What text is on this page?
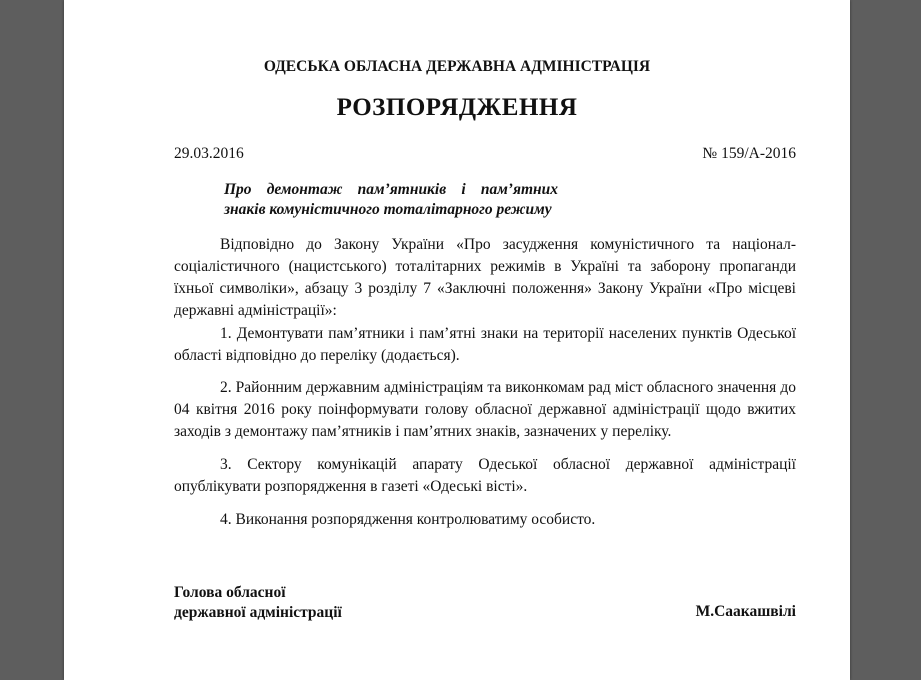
ОДЕСЬКА ОБЛАСНА ДЕРЖАВНА АДМІНІСТРАЦІЯ
РОЗПОРЯДЖЕННЯ
29.03.2016	№ 159/А-2016
Про демонтаж пам’ятників і пам’ятних
знаків комуністичного тоталітарного режиму
Відповідно до Закону України «Про засудження комуністичного та націонал-соціалістичного (нацистського) тоталітарних режимів в Україні та заборону пропаганди їхньої символіки», абзацу 3 розділу 7 «Заключні положення» Закону України «Про місцеві державні адміністрації»:
1. Демонтувати пам’ятники і пам’ятні знаки на території населених пунктів Одеської області відповідно до переліку (додається).
2. Районним державним адміністраціям та виконкомам рад міст обласного значення до 04 квітня 2016 року поінформувати голову обласної державної адміністрації щодо вжитих заходів з демонтажу пам’ятників і пам’ятних знаків, зазначених у переліку.
3. Сектору комунікацій апарату Одеської обласної державної адміністрації опублікувати розпорядження в газеті «Одеські вісті».
4. Виконання розпорядження контролюватиму особисто.
Голова обласної
державної адміністрації	М.Саакашвілі
